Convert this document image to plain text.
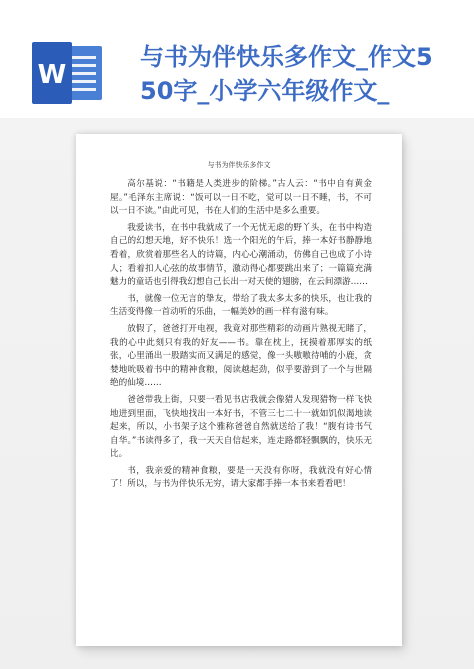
W
与书为伴快乐多作文_作文5
50字_小学六年级作文_
与书为伴快乐多作文

高尔基说：“书籍是人类进步的阶梯。”古人云：“书中自有黄金屋。”毛泽东主席说：“饭可以一日不吃，觉可以一日不睡，书，不可以一日不读。”由此可见，书在人们的生活中是多么重要。

我爱读书，在书中我就成了一个无忧无虑的野丫头，在书中构造自己的幻想天地，好不快乐！选一个阳光的午后，捧一本好书静静地看着，欣赏着那些名人的诗篇，内心心潮涌动，仿佛自己也成了小诗人；看着扣人心弦的故事情节，激动得心都要跳出来了；一篇篇充满魅力的童话也引得我幻想自己长出一对天使的翅膀，在云间漂游……

书，就像一位无言的挚友，带给了我太多太多的快乐，也让我的生活变得像一首动听的乐曲，一幅美妙的画一样有滋有味。

放假了，爸爸打开电视，我竟对那些精彩的动画片熟视无睹了，我的心中此刻只有我的好友——书。靠在枕上，抚摸着那厚实的纸张，心里涌出一股踏实而又满足的感觉，像一头嗷嗷待哺的小鹿，贪婪地吮吸着书中的精神食粮，阅读越起劲，似乎要游到了一个与世隔绝的仙境……

爸爸带我上街，只要一看见书店我就会像猎人发现猎物一样飞快地进到里面，飞快地找出一本好书，不管三七二十一就如饥似渴地读起来，所以，小书架子这个雅称爸爸自然就送给了我！“腹有诗书气自华。”书读得多了，我一天天自信起来，连走路都轻飘飘的，快乐无比。

书，我亲爱的精神食粮，要是一天没有你呀，我就没有好心情了！所以，与书为伴快乐无穷，请大家都手捧一本书来看看吧！
